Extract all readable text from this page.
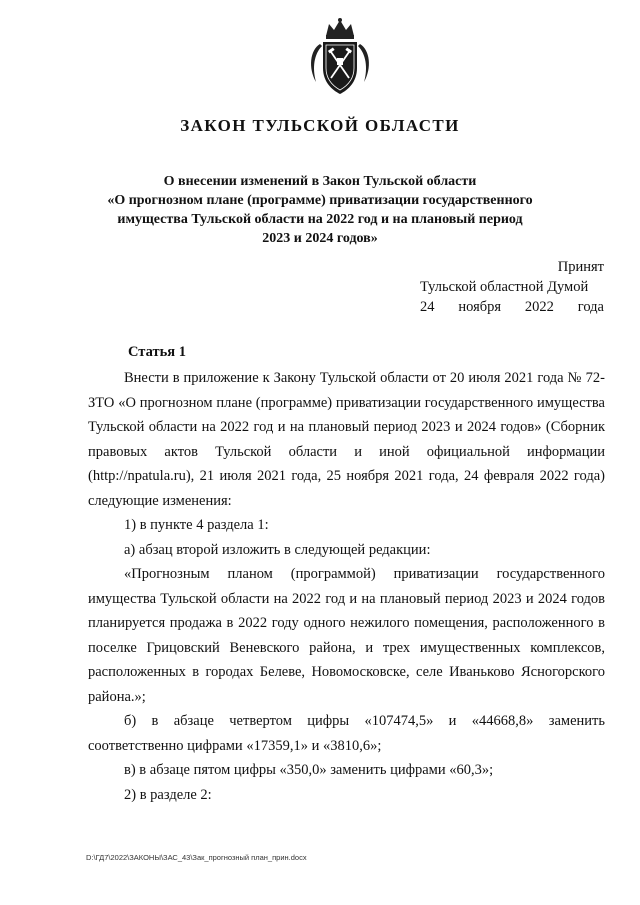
ЗАКОН ТУЛЬСКОЙ ОБЛАСТИ
О внесении изменений в Закон Тульской области
«О прогнозном плане (программе) приватизации государственного
имущества Тульской области на 2022 год и на плановый период
2023 и 2024 годов»
Принят
Тульской областной Думой
24 ноября 2022 года
Статья 1

Внести в приложение к Закону Тульской области от 20 июля 2021 года № 72-ЗТО «О прогнозном плане (программе) приватизации государственного имущества Тульской области на 2022 год и на плановый период 2023 и 2024 годов» (Сборник правовых актов Тульской области и иной официальной информации (http://npatula.ru), 21 июля 2021 года, 25 ноября 2021 года, 24 февраля 2022 года) следующие изменения:

1) в пункте 4 раздела 1:

а) абзац второй изложить в следующей редакции:

«Прогнозным планом (программой) приватизации государственного имущества Тульской области на 2022 год и на плановый период 2023 и 2024 годов планируется продажа в 2022 году одного нежилого помещения, расположенного в поселке Грицовский Веневского района, и трех имущественных комплексов, расположенных в городах Белеве, Новомосковске, селе Иваньково Ясногорского района.»;

б) в абзаце четвертом цифры «107474,5» и «44668,8» заменить соответственно цифрами «17359,1» и «3810,6»;

в) в абзаце пятом цифры «350,0» заменить цифрами «60,3»;

2) в разделе 2:

D:\ГД7\2022\ЗАКОНЫ\ЗАС_43\Зак_прогнозный план_прин.docx
